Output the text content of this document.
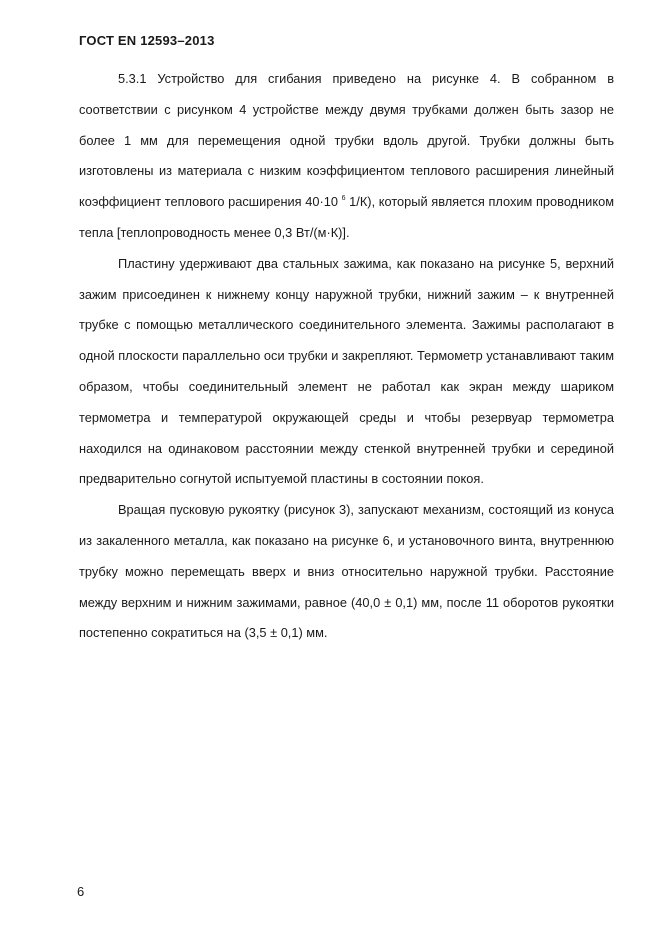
ГОСТ EN 12593–2013

5.3.1 Устройство для сгибания приведено на рисунке 4. В собранном в соответствии с рисунком 4 устройстве между двумя трубками должен быть зазор не более 1 мм для перемещения одной трубки вдоль другой. Трубки должны быть изготовлены из материала с низким коэффициентом теплового расширения линейный коэффициент теплового расширения 40·10 $^6$ 1/К), который является плохим проводником тепла [теплопроводность менее 0,3 Вт/(м·К)].

Пластину удерживают два стальных зажима, как показано на рисунке 5, верхний зажим присоединен к нижнему концу наружной трубки, нижний зажим – к внутренней трубке с помощью металлического соединительного элемента. Зажимы располагают в одной плоскости параллельно оси трубки и закрепляют. Термометр устанавливают таким образом, чтобы соединительный элемент не работал как экран между шариком термометра и температурой окружающей среды и чтобы резервуар термометра находился на одинаковом расстоянии между стенкой внутренней трубки и серединой предварительно согнутой испытуемой пластины в состоянии покоя.

Вращая пусковую рукоятку (рисунок 3), запускают механизм, состоящий из конуса из закаленного металла, как показано на рисунке 6, и установочного винта, внутреннюю трубку можно перемещать вверх и вниз относительно наружной трубки. Расстояние между верхним и нижним зажимами, равное (40,0 ± 0,1) мм, после 11 оборотов рукоятки постепенно сократиться на (3,5 ± 0,1) мм.

6
